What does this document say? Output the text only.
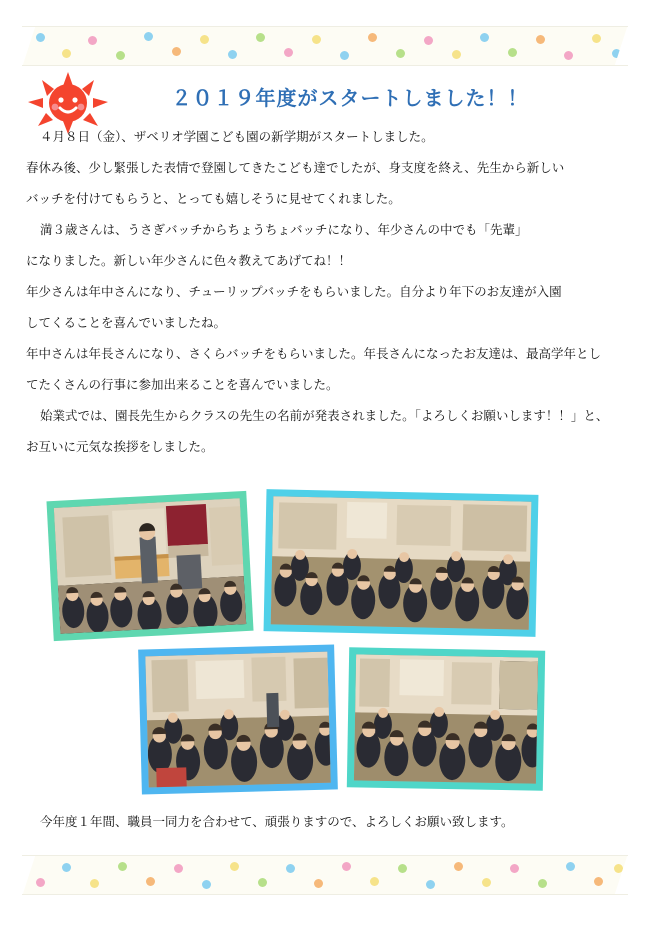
２０１９年度がスタートしました！！
４月８日（金）、ザベリオ学園こども園の新学期がスタートしました。
春休み後、少し緊張した表情で登園してきたこども達でしたが、身支度を終え、先生から新しい
バッチを付けてもらうと、とっても嬉しそうに見せてくれました。
満３歳さんは、うさぎバッチからちょうちょバッチになり、年少さんの中でも「先輩」
になりました。新しい年少さんに色々教えてあげてね！！
年少さんは年中さんになり、チューリップバッチをもらいました。自分より年下のお友達が入園
してくることを喜んでいましたね。
年中さんは年長さんになり、さくらバッチをもらいました。年長さんになったお友達は、最高学年とし
てたくさんの行事に参加出来ることを喜んでいました。
始業式では、園長先生からクラスの先生の名前が発表されました。「よろしくお願いします！！」と、
お互いに元気な挨拶をしました。
今年度１年間、職員一同力を合わせて、頑張りますので、よろしくお願い致します。
